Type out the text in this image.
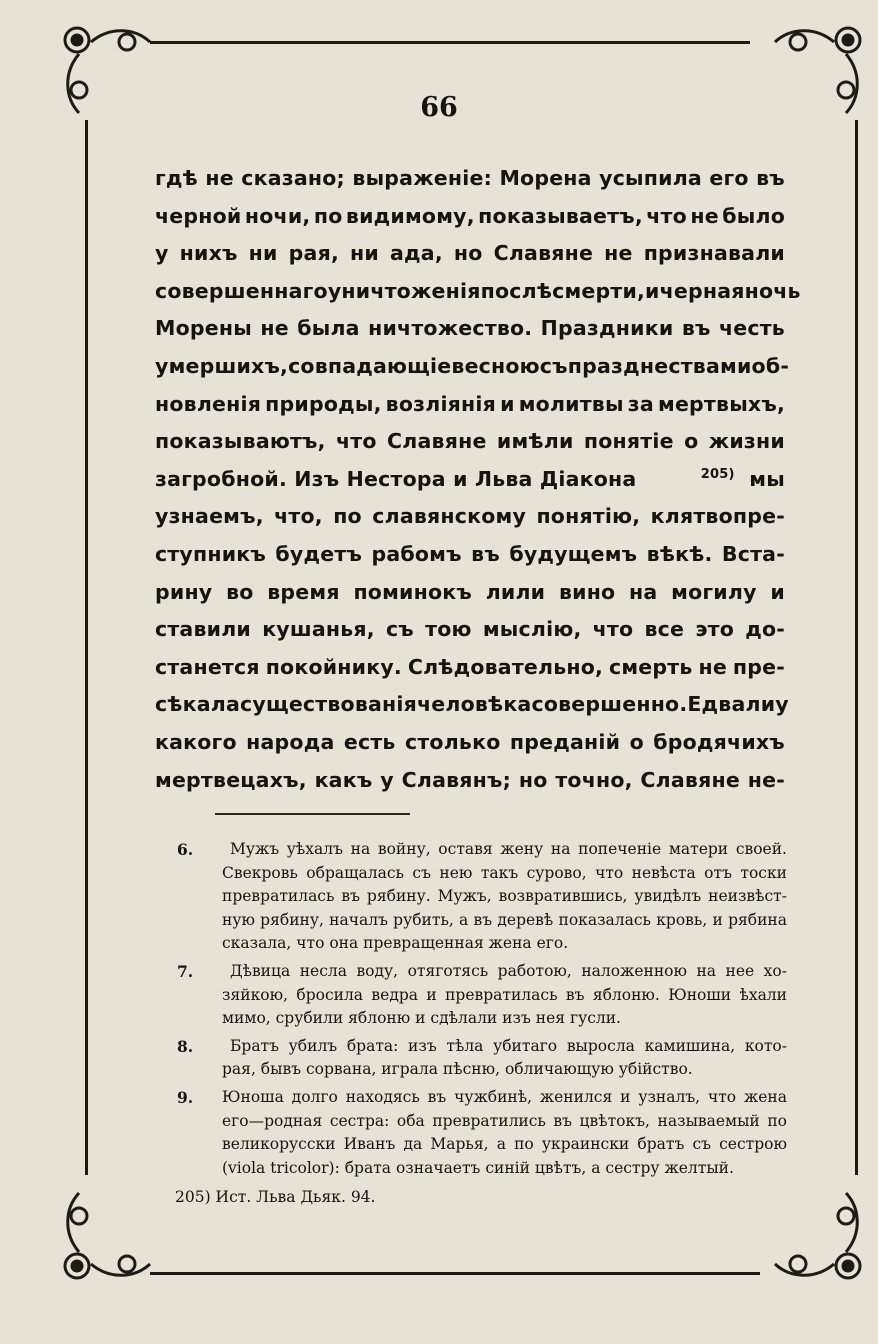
66
гдѣ не сказано; выраженіе: Морена усыпила его въ
черной ночи, по видимому, показываетъ, что не было
у нихъ ни рая, ни ада, но Славяне не признавали
совершеннаго уничтоженія послѣ смерти, и черная ночь
Морены не была ничтожество. Праздники въ честь
умершихъ, совпадающіе весною съ празднествами об-
новленія природы, возліянія и молитвы за мертвыхъ,
показываютъ, что Славяне имѣли понятіе о жизни
загробной. Изъ Нестора и Льва Діакона	$^{205)}$ мы
узнаемъ, что, по славянскому понятію, клятвопре-
ступникъ будетъ рабомъ въ будущемъ вѣкѣ. Вста-
рину во время поминокъ лили вино на могилу и
ставили кушанья, съ тою мыслію, что все это до-
станется покойнику. Слѣдовательно, смерть не пре-
сѣкала существованія человѣка совершенно. Едвали у
какого народа есть столько преданій о бродячихъ
мертвецахъ, какъ у Славянъ; но точно, Славяне не-
6.	Мужъ уѣхалъ на войну, оставя жену на попеченіе матери своей.
Свекровь обращалась съ нею такъ сурово, что невѣста отъ тоски
превратилась въ рябину. Мужъ, возвратившись, увидѣлъ неизвѣст-
ную рябину, началъ рубить, а въ деревѣ показалась кровь, и рябина
сказала, что она превращенная жена его.
7.	Дѣвица несла воду, отяготясь работою, наложенною на нее хо-
зяйкою, бросила ведра и превратилась въ яблоню. Юноши ѣхали
мимо, срубили яблоню и сдѣлали изъ нея гусли.
8.	Братъ убилъ брата: изъ тѣла убитаго выросла камишина, кото-
рая, бывъ сорвана, играла пѣсню, обличающую убійство.
9.	Юноша долго находясь въ чужбинѣ, женился и узналъ, что жена
его—родная сестра: оба превратились въ цвѣтокъ, называемый по
великорусски Иванъ да Марья, а по украински братъ съ сестрою
(viola tricolor): брата означаетъ синій цвѣтъ, а сестру желтый.
205) Ист. Льва Дьяк. 94.
